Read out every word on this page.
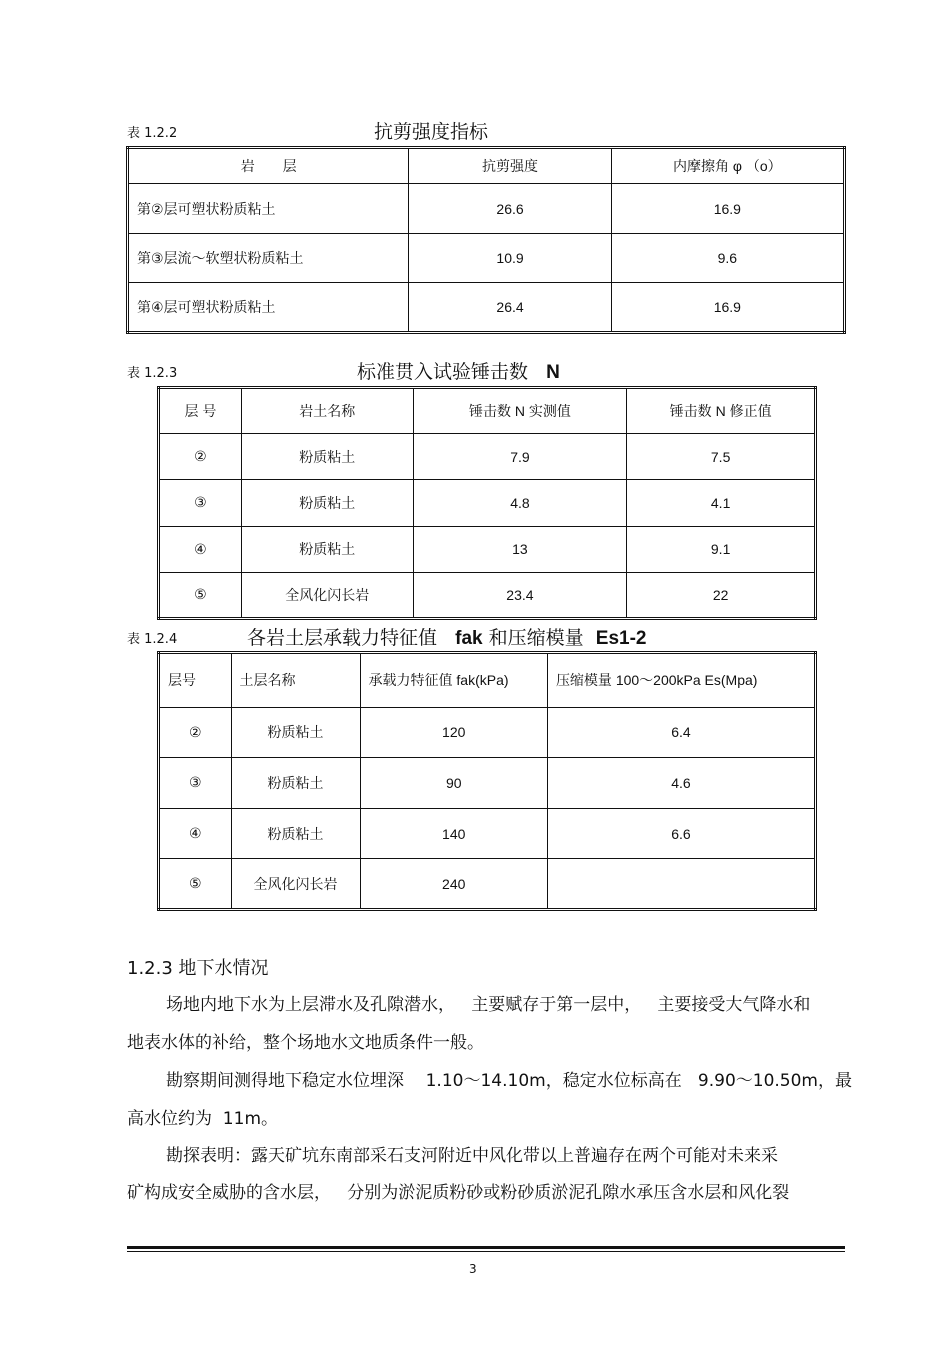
表 1.2.2	抗剪强度指标
岩　　层	抗剪强度	内摩擦角 φ （o）
第②层可塑状粉质粘土	26.6	16.9
第③层流～软塑状粉质粘土	10.9	9.6
第④层可塑状粉质粘土	26.4	16.9
表 1.2.3	标准贯入试验锤击数 N
层 号	岩土名称	锤击数 N 实测值	锤击数 N 修正值
②	粉质粘土	7.9	7.5
③	粉质粘土	4.8	4.1
④	粉质粘土	13	9.1
⑤	全风化闪长岩	23.4	22
表 1.2.4	各岩土层承载力特征值 fak 和压缩模量 Es1-2
层号	土层名称	承载力特征值 fak(kPa)	压缩模量 100～200kPa Es(Mpa)
②	粉质粘土	120	6.4
③	粉质粘土	90	4.6
④	粉质粘土	140	6.6
⑤	全风化闪长岩	240	
1.2.3 地下水情况
场地内地下水为上层滞水及孔隙潜水，   主要赋存于第一层中，   主要接受大气降水和
地表水体的补给，整个场地水文地质条件一般。
勘察期间测得地下稳定水位埋深    1.10～14.10m，稳定水位标高在   9.90～10.50m，最
高水位约为  11m。
勘探表明：露天矿坑东南部采石支河附近中风化带以上普遍存在两个可能对未来采
矿构成安全威胁的含水层，   分别为淤泥质粉砂或粉砂质淤泥孔隙水承压含水层和风化裂
3
